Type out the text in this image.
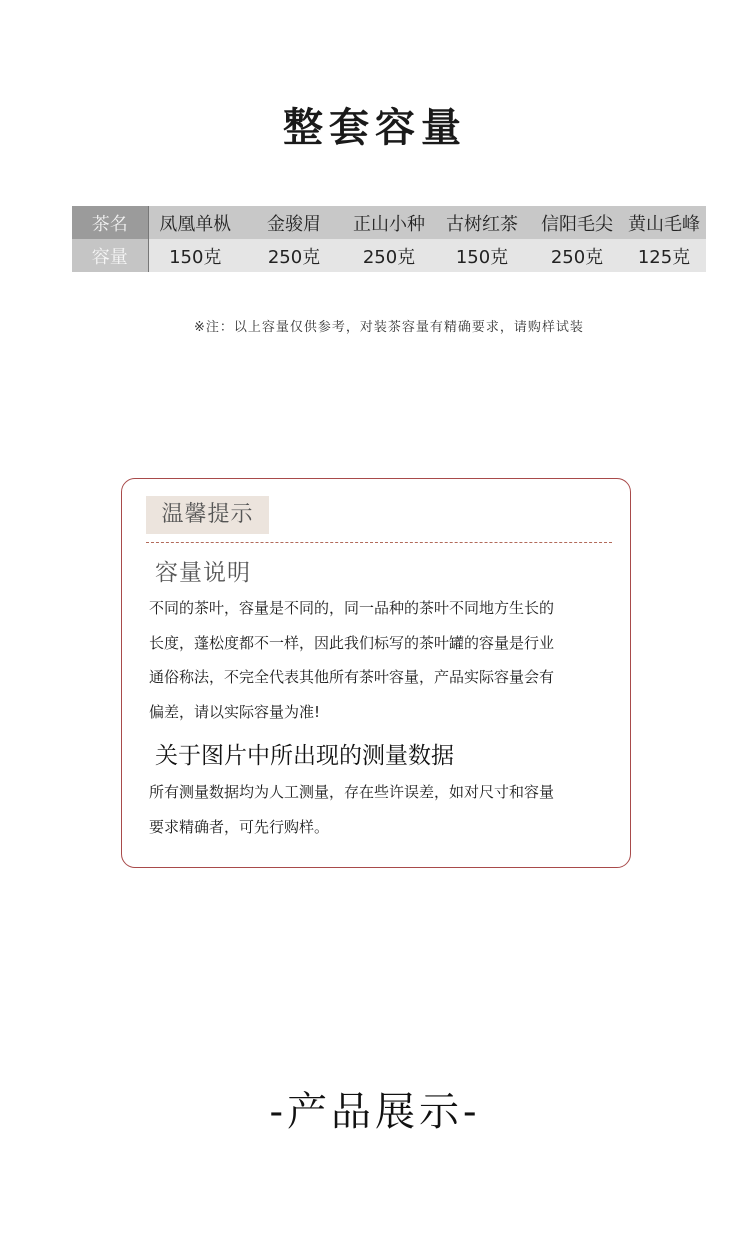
整套容量
茶名	凤凰单枞	金骏眉	正山小种	古树红茶	信阳毛尖	黄山毛峰
容量	150克	250克	250克	150克	250克	125克
※注：以上容量仅供参考，对装茶容量有精确要求，请购样试装
温馨提示
容量说明
不同的茶叶，容量是不同的，同一品种的茶叶不同地方生长的
长度，蓬松度都不一样，因此我们标写的茶叶罐的容量是行业
通俗称法，不完全代表其他所有茶叶容量，产品实际容量会有
偏差，请以实际容量为准!
关于图片中所出现的测量数据
所有测量数据均为人工测量，存在些许误差，如对尺寸和容量
要求精确者，可先行购样。
-产品展示-
